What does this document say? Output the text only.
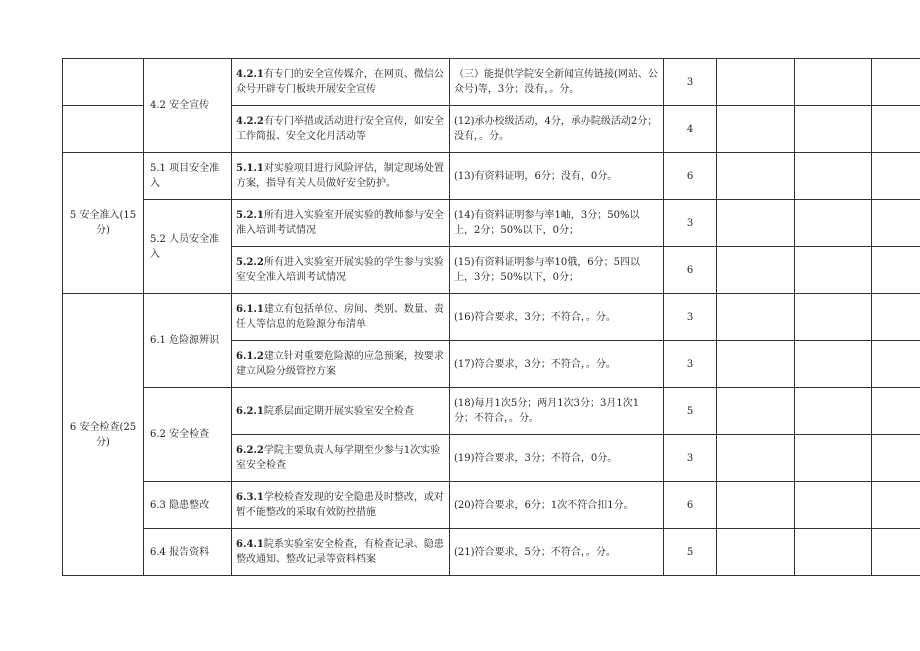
	4.2 安全宣传	4.2.1有专门的安全宣传媒介，在网页、微信公众号开辟专门板块开展安全宣传	（三）能提供学院安全新闻宣传链接(网站、公众号)等，3分；没有，。分。	3			
		4.2.2有专门举措或活动进行安全宣传，如安全工作简报、安全文化月活动等	(12)承办校级活动，4分，承办院级活动2分；没有，。分。	4			
5 安全准入(15分)	5.1 项目安全准入	5.1.1对实验项目进行风险评估，制定现场处置方案，指导有关人员做好安全防护。	(13)有资料证明，6分；没有，0分。	6			
	5.2 人员安全准入	5.2.1所有进入实验室开展实验的教师参与安全准入培训考试情况	(14)有资料证明参与率1岫，3分；50%以上，2分；50%以下，0分；	3			
		5.2.2所有进入实验室开展实验的学生参与实验室安全准入培训考试情况	(15)有资料证明参与率10俄，6分；5四以上，3分；50%以下，0分；	6			
6 安全检查(25分)	6.1 危险源辨识	6.1.1建立有包括单位、房间、类别、数量、责任人等信息的危险源分布清单	(16)符合要求，3分；不符合，。分。	3			
		6.1.2建立针对重要危险源的应急预案，按要求建立风险分级管控方案	(17)符合要求，3分；不符合，。分。	3			
	6.2 安全检查	6.2.1院系层面定期开展实验室安全检查	(18)每月1次5分；两月1次3分；3月1次1分；不符合，。分。	5			
		6.2.2学院主要负责人每学期至少参与1次实验室安全检查	(19)符合要求，3分；不符合，0分。	3			
	6.3 隐患整改	6.3.1学校检查发现的安全隐患及时整改，或对暂不能整改的采取有效防控措施	(20)符合要求，6分；1次不符合扣1分。	6			
	6.4 报告资料	6.4.1院系实验室安全检查，有检查记录、隐患整改通知、整改记录等资料档案	(21)符合要求，5分；不符合，。分。	5			
